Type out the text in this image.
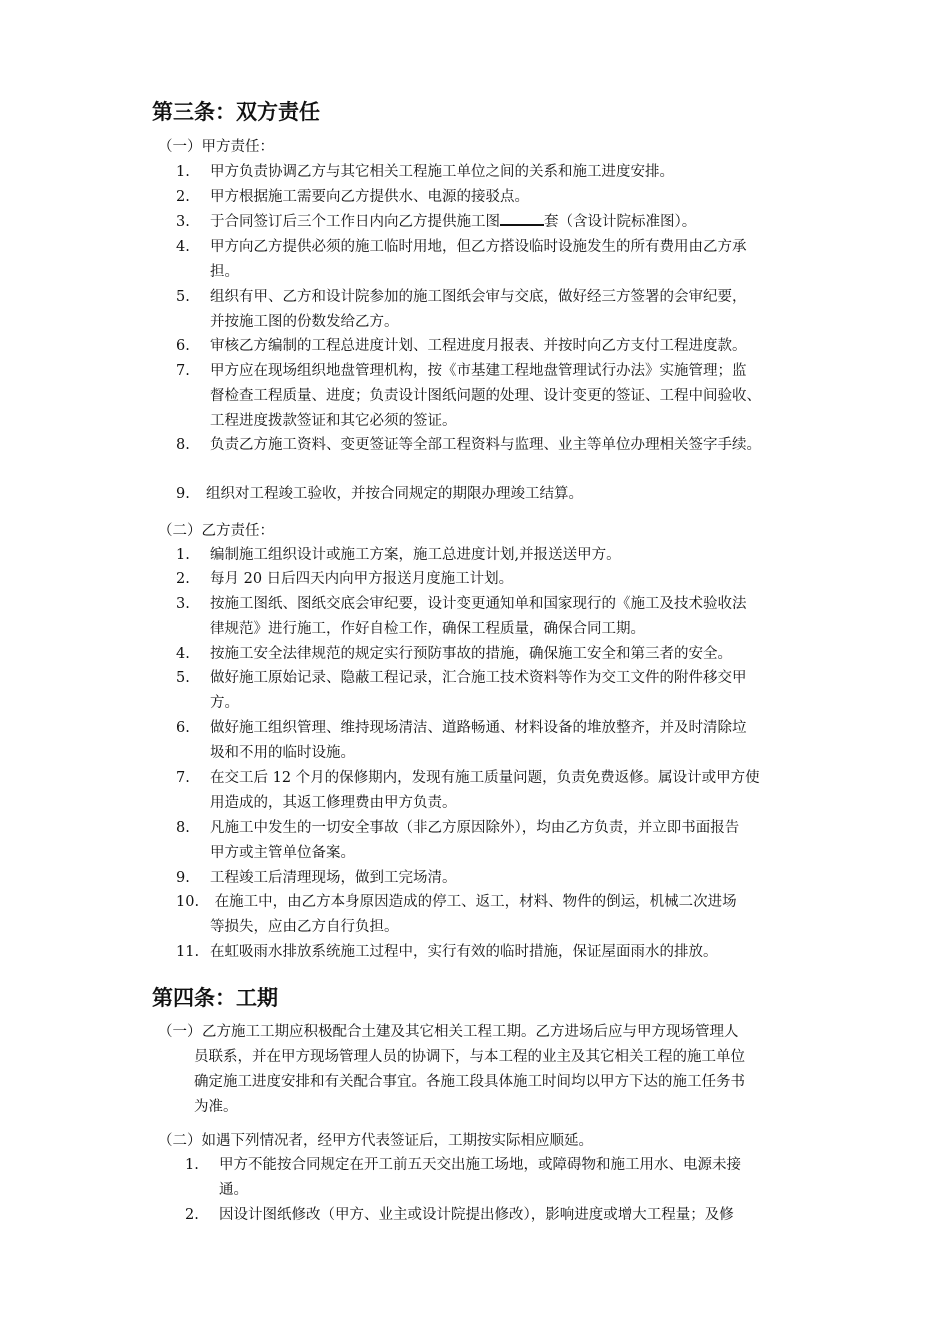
第三条：双方责任
（一）甲方责任：
1. 甲方负责协调乙方与其它相关工程施工单位之间的关系和施工进度安排。
2. 甲方根据施工需要向乙方提供水、电源的接驳点。
3. 于合同签订后三个工作日内向乙方提供施工图	套（含设计院标准图）。
4. 甲方向乙方提供必须的施工临时用地，但乙方搭设临时设施发生的所有费用由乙方承
担。
5. 组织有甲、乙方和设计院参加的施工图纸会审与交底，做好经三方签署的会审纪要，
并按施工图的份数发给乙方。
6. 审核乙方编制的工程总进度计划、工程进度月报表、并按时向乙方支付工程进度款。
7. 甲方应在现场组织地盘管理机构，按《市基建工程地盘管理试行办法》实施管理；监
督检查工程质量、进度；负责设计图纸问题的处理、设计变更的签证、工程中间验收、
工程进度拨款签证和其它必须的签证。
8. 负责乙方施工资料、变更签证等全部工程资料与监理、业主等单位办理相关签字手续。
9. 组织对工程竣工验收，并按合同规定的期限办理竣工结算。
（二）乙方责任：
1. 编制施工组织设计或施工方案，施工总进度计划,并报送送甲方。
2. 每月 20 日后四天内向甲方报送月度施工计划。
3. 按施工图纸、图纸交底会审纪要，设计变更通知单和国家现行的《施工及技术验收法
律规范》进行施工，作好自检工作，确保工程质量，确保合同工期。
4. 按施工安全法律规范的规定实行预防事故的措施，确保施工安全和第三者的安全。
5. 做好施工原始记录、隐蔽工程记录，汇合施工技术资料等作为交工文件的附件移交甲
方。
6. 做好施工组织管理、维持现场清洁、道路畅通、材料设备的堆放整齐，并及时清除垃
圾和不用的临时设施。
7. 在交工后 12 个月的保修期内，发现有施工质量问题，负责免费返修。属设计或甲方使
用造成的，其返工修理费由甲方负责。
8. 凡施工中发生的一切安全事故（非乙方原因除外），均由乙方负责，并立即书面报告
甲方或主管单位备案。
9. 工程竣工后清理现场，做到工完场清。
10. 在施工中，由乙方本身原因造成的停工、返工，材料、物件的倒运，机械二次进场
等损失，应由乙方自行负担。
11. 在虹吸雨水排放系统施工过程中，实行有效的临时措施，保证屋面雨水的排放。
第四条：工期
（一） 乙方施工工期应积极配合土建及其它相关工程工期。乙方进场后应与甲方现场管理人
员联系，并在甲方现场管理人员的协调下，与本工程的业主及其它相关工程的施工单位
确定施工进度安排和有关配合事宜。各施工段具体施工时间均以甲方下达的施工任务书
为准。
（二）如遇下列情况者，经甲方代表签证后，工期按实际相应顺延。
1. 甲方不能按合同规定在开工前五天交出施工场地，或障碍物和施工用水、电源未接
通。
2. 因设计图纸修改（甲方、业主或设计院提出修改），影响进度或增大工程量；及修
